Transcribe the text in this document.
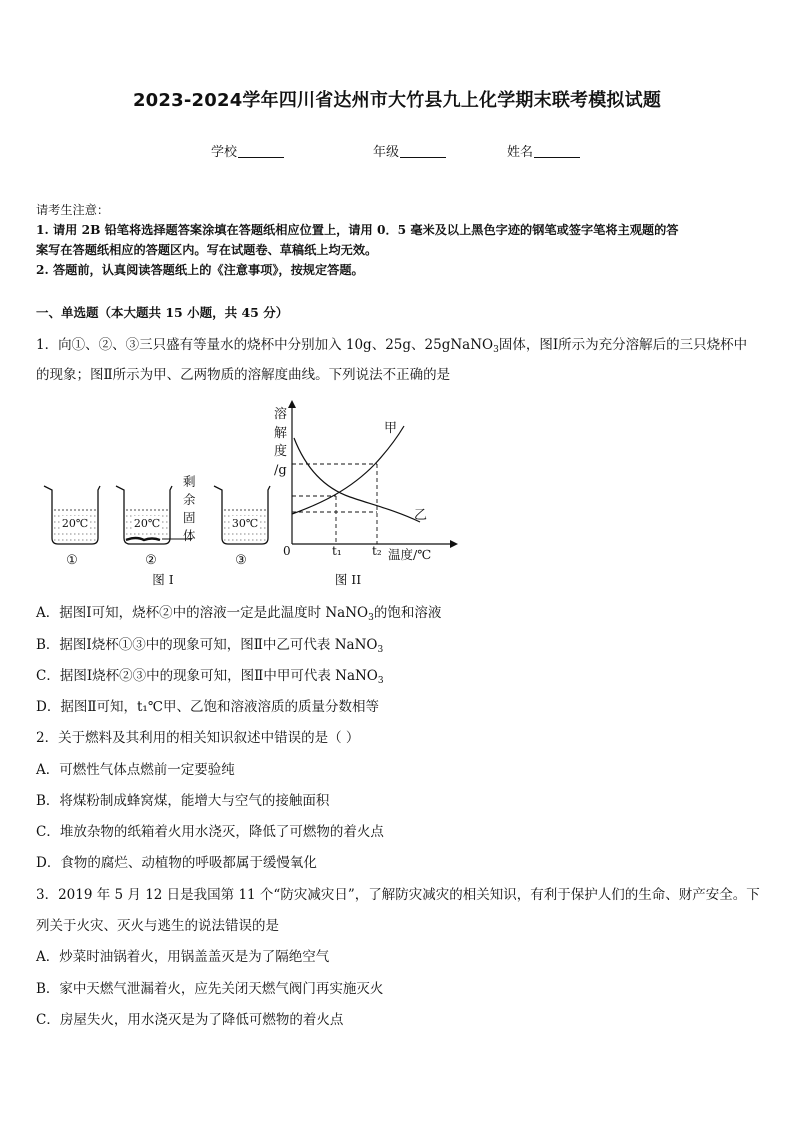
2023-2024学年四川省达州市大竹县九上化学期末联考模拟试题
学校	年级	姓名
请考生注意：
1. 请用 2B 铅笔将选择题答案涂填在答题纸相应位置上，请用 0．5 毫米及以上黑色字迹的钢笔或签字笔将主观题的答
案写在答题纸相应的答题区内。写在试题卷、草稿纸上均无效。
2. 答题前，认真阅读答题纸上的《注意事项》，按规定答题。
一、单选题（本大题共 15 小题，共 45 分）
1．向①、②、③三只盛有等量水的烧杯中分别加入 10g、25g、25gNaNO$_3$固体，图Ⅰ所示为充分溶解后的三只烧杯中
的现象；图Ⅱ所示为甲、乙两物质的溶解度曲线。下列说法不正确的是
20℃
①
20℃
②
剩
余
固
体
30℃
③
图 I
溶
解
度
/g
0	t₁	t₂ 温度/℃
甲
乙
图 II
A．据图Ⅰ可知，烧杯②中的溶液一定是此温度时 NaNO$_3$的饱和溶液
B．据图Ⅰ烧杯①③中的现象可知，图Ⅱ中乙可代表 NaNO$_3$
C．据图Ⅰ烧杯②③中的现象可知，图Ⅱ中甲可代表 NaNO$_3$
D．据图Ⅱ可知，t₁℃甲、乙饱和溶液溶质的质量分数相等
2．关于燃料及其利用的相关知识叙述中错误的是（ ）
A．可燃性气体点燃前一定要验纯
B．将煤粉制成蜂窝煤，能增大与空气的接触面积
C．堆放杂物的纸箱着火用水浇灭，降低了可燃物的着火点
D．食物的腐烂、动植物的呼吸都属于缓慢氧化
3．2019 年 5 月 12 日是我国第 11 个“防灾减灾日”，了解防灾减灾的相关知识，有利于保护人们的生命、财产安全。下
列关于火灾、灭火与逃生的说法错误的是
A．炒菜时油锅着火，用锅盖盖灭是为了隔绝空气
B．家中天燃气泄漏着火，应先关闭天燃气阀门再实施灭火
C．房屋失火，用水浇灭是为了降低可燃物的着火点
